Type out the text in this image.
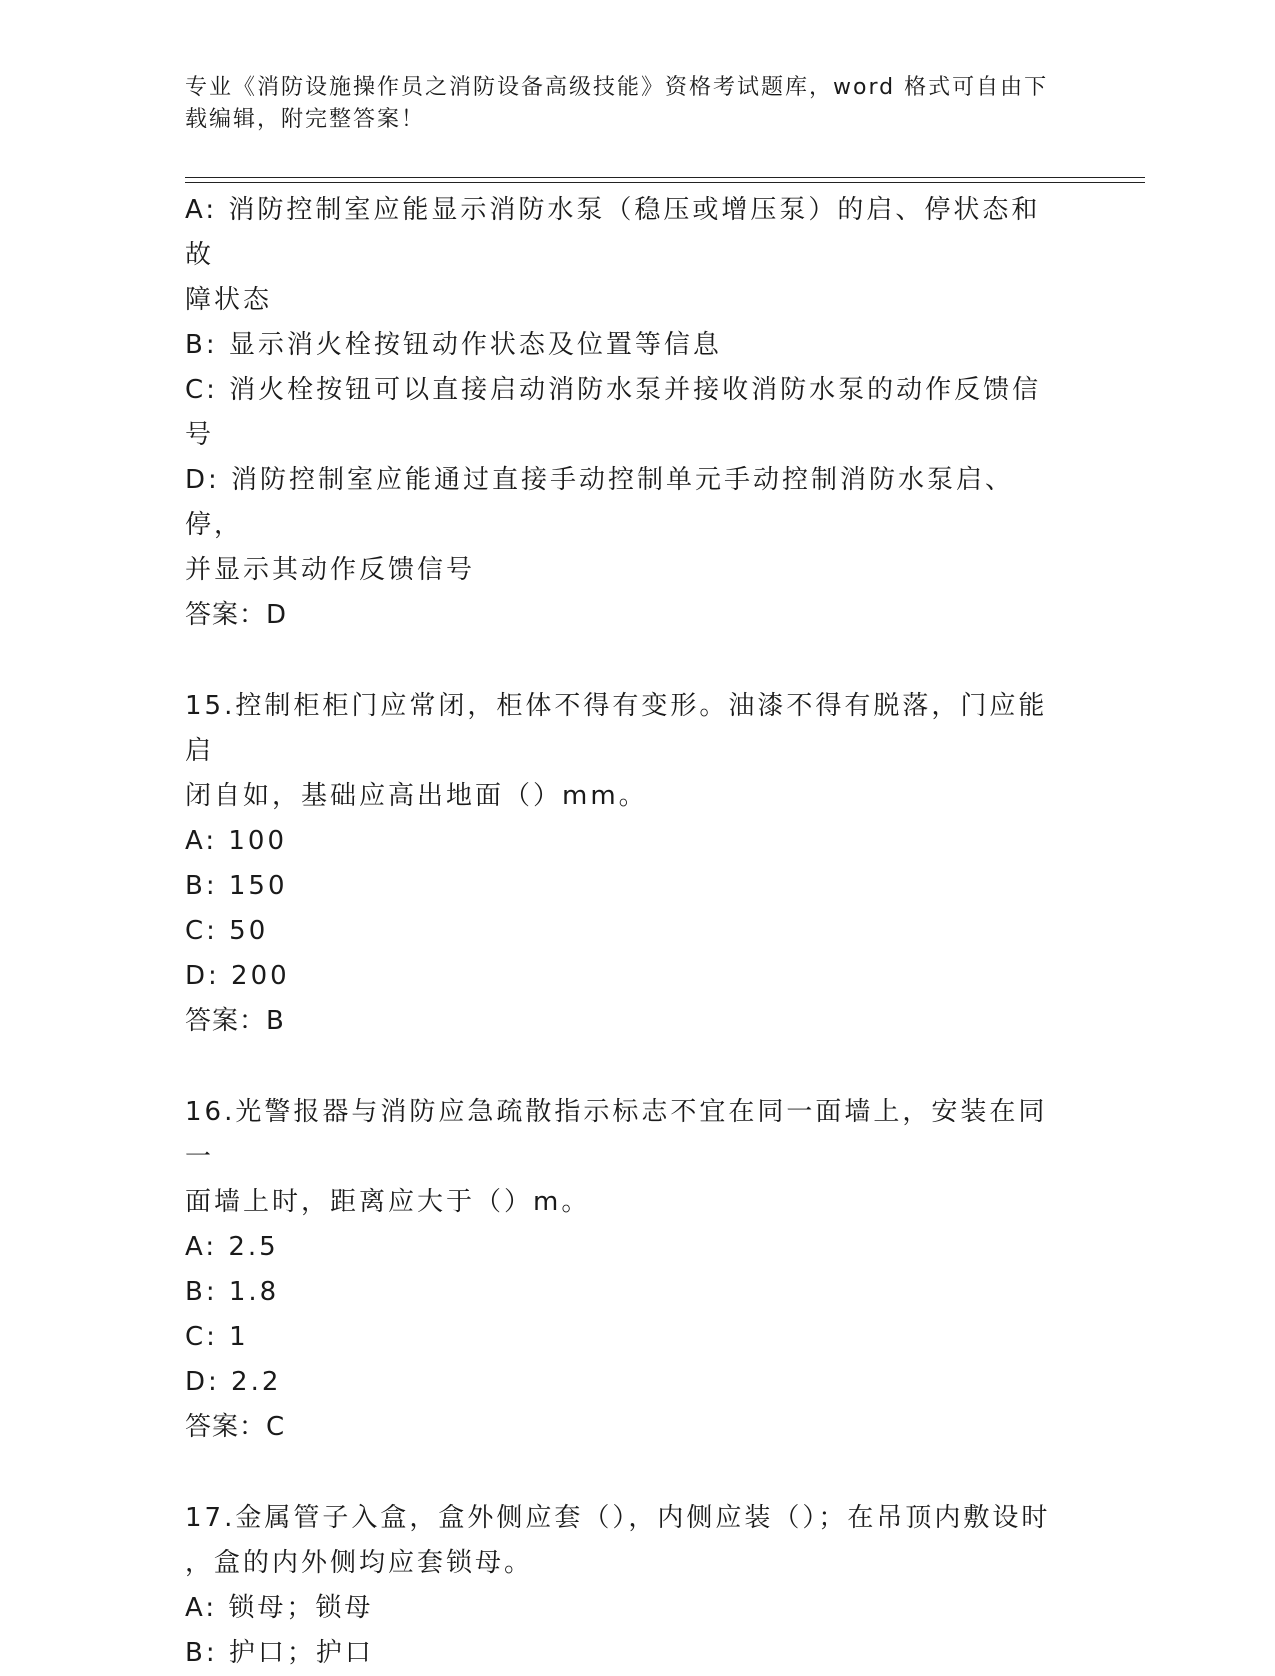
专业《消防设施操作员之消防设备高级技能》资格考试题库，word 格式可自由下
载编辑，附完整答案！
A: 消防控制室应能显示消防水泵（稳压或增压泵）的启、停状态和故
障状态
B: 显示消火栓按钮动作状态及位置等信息
C: 消火栓按钮可以直接启动消防水泵并接收消防水泵的动作反馈信号
D: 消防控制室应能通过直接手动控制单元手动控制消防水泵启、停，
并显示其动作反馈信号
答案：D
15.控制柜柜门应常闭，柜体不得有变形。油漆不得有脱落，门应能启
闭自如，基础应高出地面（）mm。
A: 100
B: 150
C: 50
D: 200
答案：B
16.光警报器与消防应急疏散指示标志不宜在同一面墙上，安装在同一
面墙上时，距离应大于（）m。
A: 2.5
B: 1.8
C: 1
D: 2.2
答案：C
17.金属管子入盒，盒外侧应套（），内侧应装（）；在吊顶内敷设时
，盒的内外侧均应套锁母。
A: 锁母；锁母
B: 护口；护口
